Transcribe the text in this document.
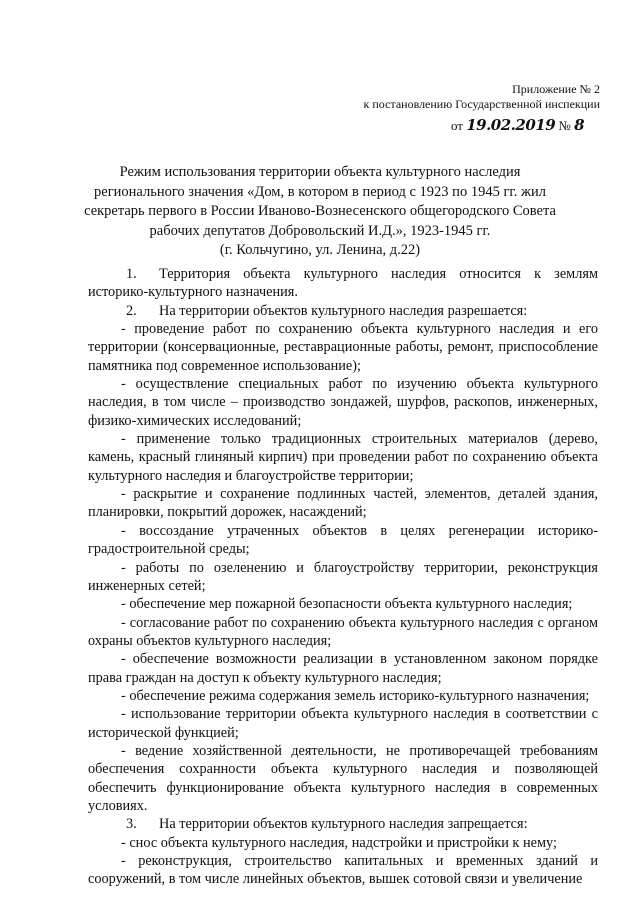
Приложение № 2
к постановлению Государственной инспекции
от 19.02.2019 № 8
Режим использования территории объекта культурного наследия
регионального значения «Дом, в котором в период с 1923 по 1945 гг. жил
секретарь первого в России Иваново-Вознесенского общегородского Совета
рабочих депутатов Добровольский И.Д.», 1923-1945 гг.
(г. Кольчугино, ул. Ленина, д.22)

1. Территория объекта культурного наследия относится к землям историко-культурного назначения.

2. На территории объектов культурного наследия разрешается:

- проведение работ по сохранению объекта культурного наследия и его территории (консервационные, реставрационные работы, ремонт, приспособление памятника под современное использование);

- осуществление специальных работ по изучению объекта культурного наследия, в том числе – производство зондажей, шурфов, раскопов, инженерных, физико-химических исследований;

- применение только традиционных строительных материалов (дерево, камень, красный глиняный кирпич) при проведении работ по сохранению объекта культурного наследия и благоустройстве территории;

- раскрытие и сохранение подлинных частей, элементов, деталей здания, планировки, покрытий дорожек, насаждений;

- воссоздание утраченных объектов в целях регенерации историко-градостроительной среды;

- работы по озеленению и благоустройству территории, реконструкция инженерных сетей;

- обеспечение мер пожарной безопасности объекта культурного наследия;

- согласование работ по сохранению объекта культурного наследия с органом охраны объектов культурного наследия;

- обеспечение возможности реализации в установленном законом порядке права граждан на доступ к объекту культурного наследия;

- обеспечение режима содержания земель историко-культурного назначения;

- использование территории объекта культурного наследия в соответствии с исторической функцией;

- ведение хозяйственной деятельности, не противоречащей требованиям обеспечения сохранности объекта культурного наследия и позволяющей обеспечить функционирование объекта культурного наследия в современных условиях.

3. На территории объектов культурного наследия запрещается:

- снос объекта культурного наследия, надстройки и пристройки к нему;

- реконструкция, строительство капитальных и временных зданий и сооружений, в том числе линейных объектов, вышек сотовой связи и увеличение
